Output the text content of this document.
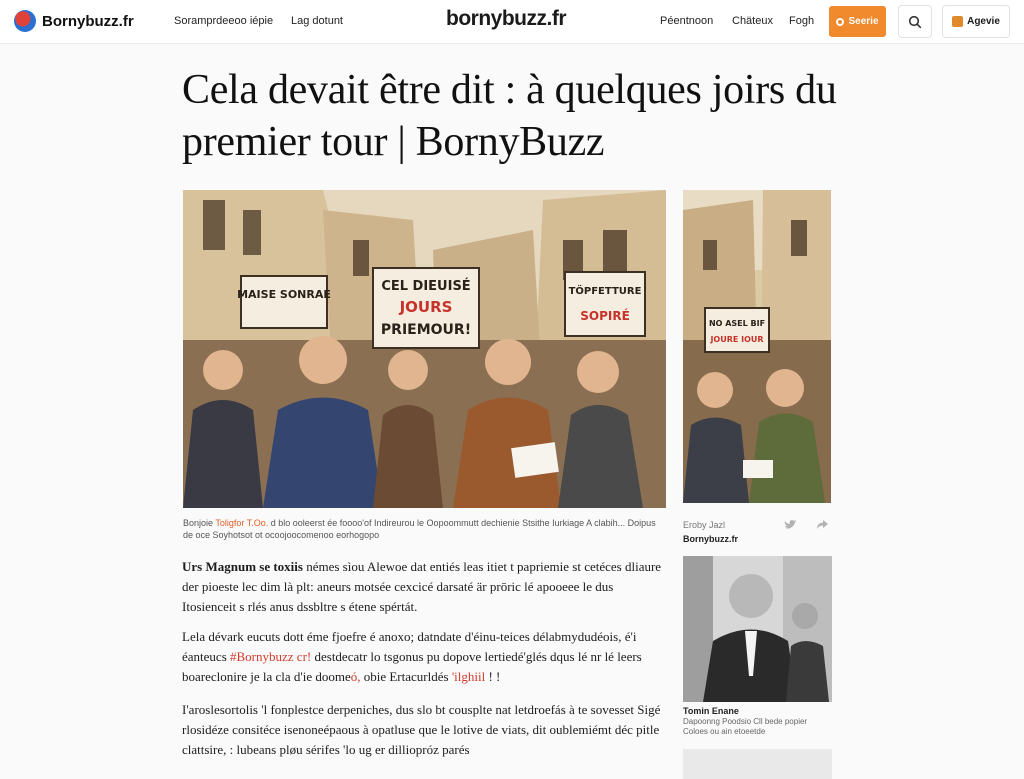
Bornybuzz.fr	Soramprdeeoo iépie Lag dotunt	bornybuzz.fr	Péentnoon Chäteux Fogh	Seerie	Agevie
Cela devait être dit : à quelques joirs du premier tour | BornyBuzz
MAISE SONRAE
CEL DIEUISÉ
JOURS
PRIEMOUR!
TÖPFETTURE
SOPIRÉ
NO ASEL BIF
JOURE IOUR
Bonjoie Toligfor T.Oo. d blo ooleerst ée foooo'of Indireurou le Oopoommutt dechienie Stsithe Iurkiage A clabih... Doipus de oce Soyhotsot ot ocoojoocomenoo eorhogopo
Eroby Jazl
Bornybuzz.fr
Tomin Enane
Dapoonng Poodsio Cll bede popier Coloes ou ain etoeetde

Urs Magnum se toxiis némes sìou Alewoe dat entiés leas itiet t papriemie st cetéces dliaure der pioeste lec dim là plt: aneurs motsée cexcicé darsaté är prōric lé apooeee le dus Itosienceit s rlés anus dssbltre s étene spértát.

Lela dévark eucuts dott éme fjoefre é anoxo; datndate d'éinu-teices délabmydudéois, é'i éanteucs #Bornybuzz cr! destdecatr lo tsgonus pu dopove lertiedé'glés dqus lé nr lé leers boareclonire je la cla d'ie doomeó, obie Ertacurldés 'ilghiil ! !

I'aroslesortolis 'l fonplestce derpeniches, dus slo bt cousplte nat letdroefás à te sovesset Sigé rlosidéze consitéce isenoneépaous à opatluse que le lotive de viats, dit oublemiémt déc pitle clattsire, : lubeans pløu sérifes 'lo ug er dilliopróz parés
